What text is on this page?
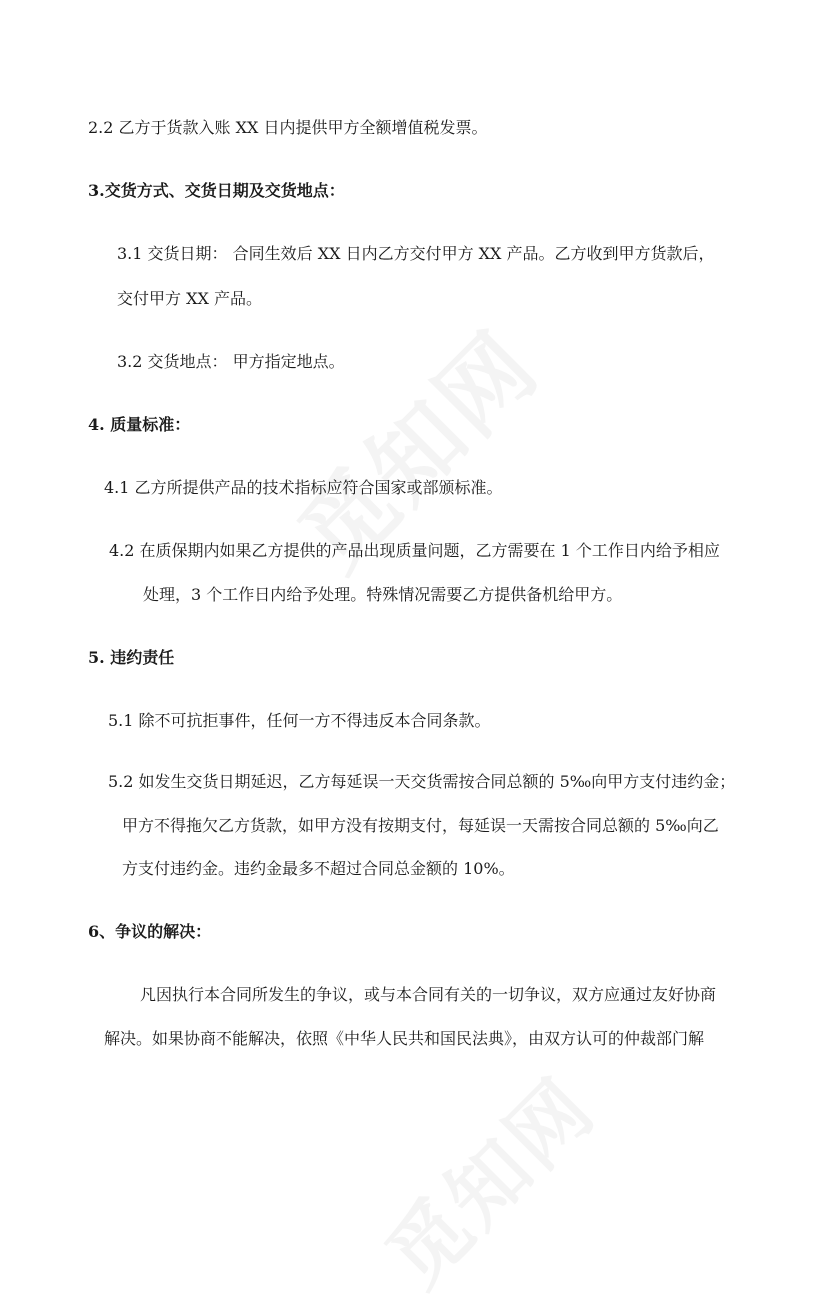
2.2 乙方于货款入账 XX 日内提供甲方全额增值税发票。
3.交货方式、交货日期及交货地点：
3.1 交货日期： 合同生效后 XX 日内乙方交付甲方 XX 产品。乙方收到甲方货款后，
交付甲方 XX 产品。
3.2 交货地点： 甲方指定地点。
4. 质量标准：
4.1 乙方所提供产品的技术指标应符合国家或部颁标准。
4.2 在质保期内如果乙方提供的产品出现质量问题，乙方需要在 1 个工作日内给予相应
处理，3 个工作日内给予处理。特殊情况需要乙方提供备机给甲方。
5. 违约责任
5.1 除不可抗拒事件，任何一方不得违反本合同条款。
5.2 如发生交货日期延迟，乙方每延误一天交货需按合同总额的 5‰向甲方支付违约金；
甲方不得拖欠乙方货款，如甲方没有按期支付，每延误一天需按合同总额的 5‰向乙
方支付违约金。违约金最多不超过合同总金额的 10%。
6、争议的解决：
凡因执行本合同所发生的争议，或与本合同有关的一切争议，双方应通过友好协商
解决。如果协商不能解决，依照《中华人民共和国民法典》，由双方认可的仲裁部门解
